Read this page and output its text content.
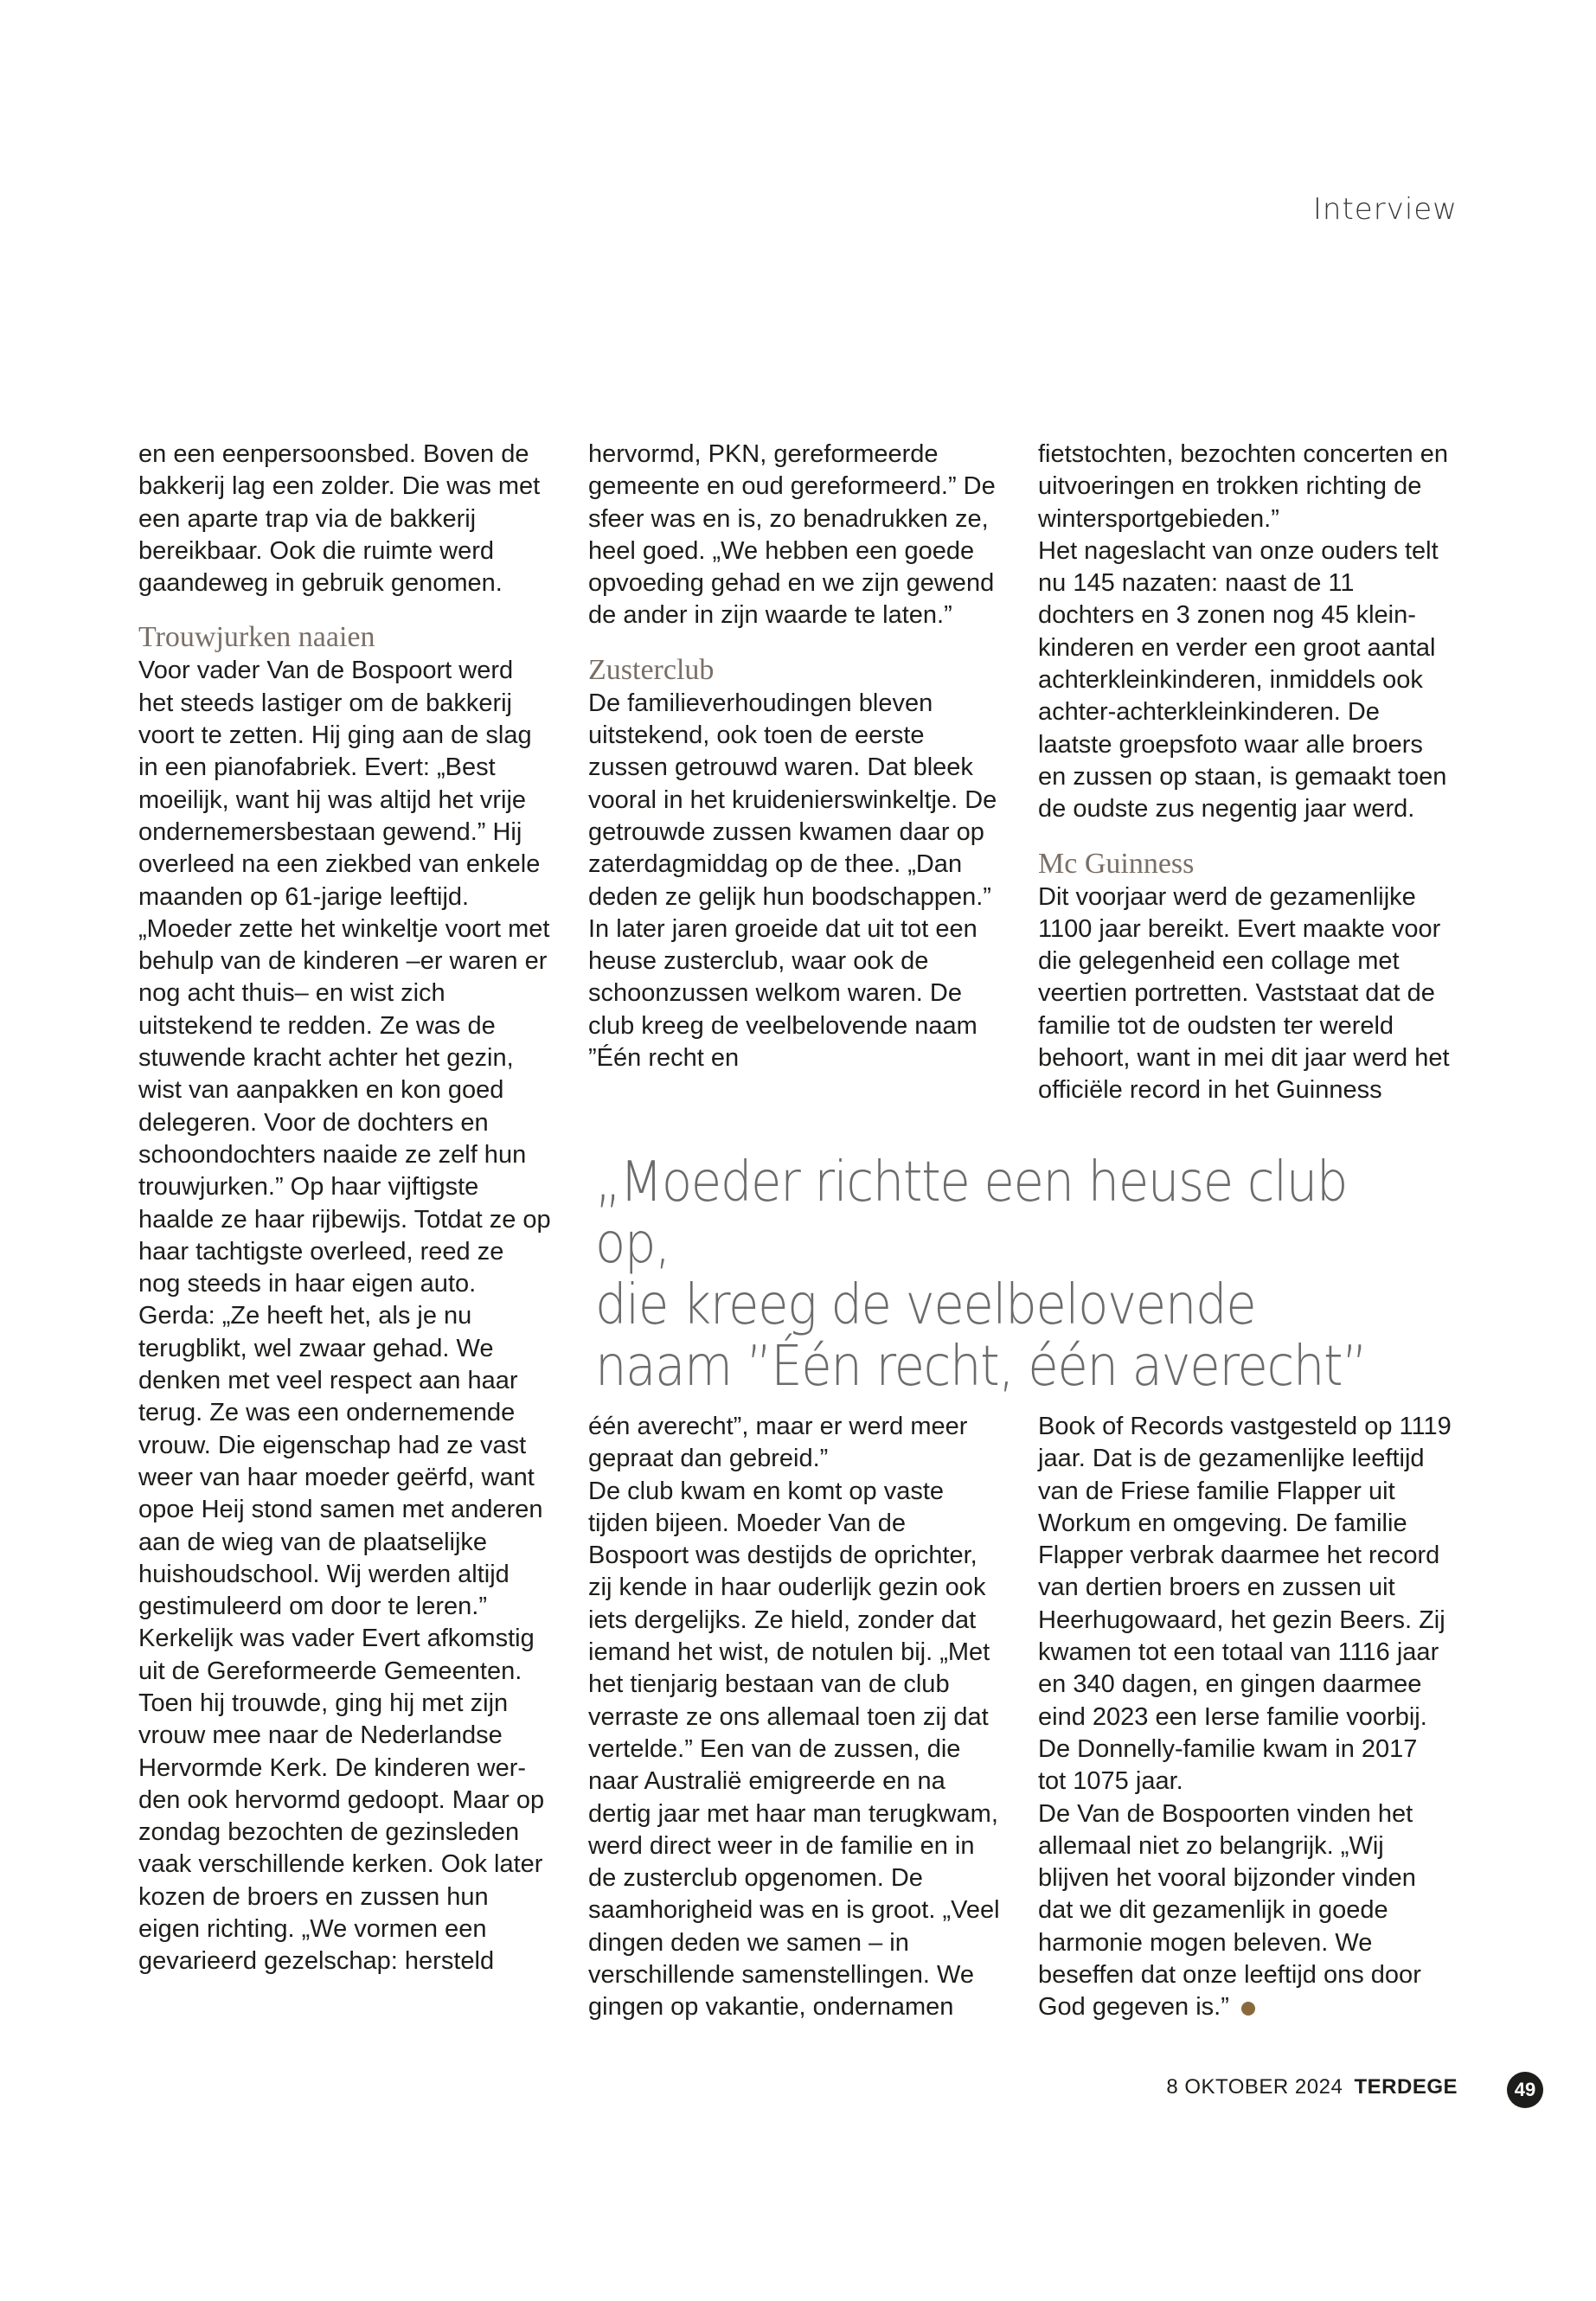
Interview

en een eenpersoonsbed. Boven de bakkerij lag een zolder. Die was met een aparte trap via de bakkerij bereikbaar. Ook die ruimte werd gaandeweg in gebruik genomen.

Trouwjurken naaien

Voor vader Van de Bospoort werd het steeds lastiger om de bakkerij voort te zetten. Hij ging aan de slag in een pianofabriek. Evert: „Best moeilijk, want hij was altijd het vrije ondernemersbestaan gewend.” Hij overleed na een ziekbed van enkele maanden op 61-jarige leeftijd. „Moeder zette het winkeltje voort met behulp van de kinderen –er waren er nog acht thuis– en wist zich uitstekend te redden. Ze was de stuwende kracht achter het gezin, wist van aanpakken en kon goed delegeren. Voor de dochters en schoondochters naaide ze zelf hun trouwjurken.” Op haar vijftigste haalde ze haar rijbewijs. Totdat ze op haar tachtigste overleed, reed ze nog steeds in haar eigen auto.

Gerda: „Ze heeft het, als je nu terugblikt, wel zwaar gehad. We denken met veel respect aan haar terug. Ze was een ondernemende vrouw. Die eigenschap had ze vast weer van haar moeder geërfd, want opoe Heij stond samen met anderen aan de wieg van de plaatselijke huishoudschool. Wij werden altijd gestimuleerd om door te leren.”

Kerkelijk was vader Evert afkomstig uit de Gereformeerde Gemeenten. Toen hij trouwde, ging hij met zijn vrouw mee naar de Nederlandse Hervormde Kerk. De kinderen werden ook hervormd gedoopt. Maar op zondag bezochten de gezinsleden vaak verschillende kerken. Ook later kozen de broers en zussen hun eigen richting. „We vormen een gevarieerd gezelschap: hersteld

hervormd, PKN, gereformeerde gemeente en oud gereformeerd.” De sfeer was en is, zo benadrukken ze, heel goed. „We hebben een goede opvoeding gehad en we zijn gewend de ander in zijn waarde te laten.”

Zusterclub

De familieverhoudingen bleven uitstekend, ook toen de eerste zussen getrouwd waren. Dat bleek vooral in het kruidenierswinkeltje. De getrouwde zussen kwamen daar op zaterdagmiddag op de thee. „Dan deden ze gelijk hun boodschappen.” In later jaren groeide dat uit tot een heuse zusterclub, waar ook de schoonzussen welkom waren. De club kreeg de veelbelovende naam ”Één recht en

fietstochten, bezochten concerten en uitvoeringen en trokken richting de wintersportgebieden.”

Het nageslacht van onze ouders telt nu 145 nazaten: naast de 11 dochters en 3 zonen nog 45 kleinkinderen en verder een groot aantal achterkleinkinderen, inmiddels ook achter-achterkleinkinderen. De laatste groepsfoto waar alle broers en zussen op staan, is gemaakt toen de oudste zus negentig jaar werd.

Mc Guinness

Dit voorjaar werd de gezamenlijke 1100 jaar bereikt. Evert maakte voor die gelegenheid een collage met veertien portretten. Vaststaat dat de familie tot de oudsten ter wereld behoort, want in mei dit jaar werd het officiële record in het Guinness

„Moeder richtte een heuse club op,
die kreeg de veelbelovende
naam ”Één recht, één averecht”

één averecht”, maar er werd meer gepraat dan gebreid.”

De club kwam en komt op vaste tijden bijeen. Moeder Van de Bospoort was destijds de oprichter, zij kende in haar ouderlijk gezin ook iets dergelijks. Ze hield, zonder dat iemand het wist, de notulen bij. „Met het tienjarig bestaan van de club verraste ze ons allemaal toen zij dat vertelde.” Een van de zussen, die naar Australië emigreerde en na dertig jaar met haar man terugkwam, werd direct weer in de familie en in de zusterclub opgenomen. De saamhorigheid was en is groot. „Veel dingen deden we samen – in verschillende samenstellingen. We gingen op vakantie, ondernamen

Book of Records vastgesteld op 1119 jaar. Dat is de gezamenlijke leeftijd van de Friese familie Flapper uit Workum en omgeving. De familie Flapper verbrak daarmee het record van dertien broers en zussen uit Heerhugowaard, het gezin Beers. Zij kwamen tot een totaal van 1116 jaar en 340 dagen, en gingen daarmee eind 2023 een Ierse familie voorbij. De Donnelly-familie kwam in 2017 tot 1075 jaar.

De Van de Bospoorten vinden het allemaal niet zo belangrijk. „Wij blijven het vooral bijzonder vinden dat we dit gezamenlijk in goede harmonie mogen beleven. We beseffen dat onze leeftijd ons door God gegeven is.”

8 OKTOBER 2024 TERDEGE	49
